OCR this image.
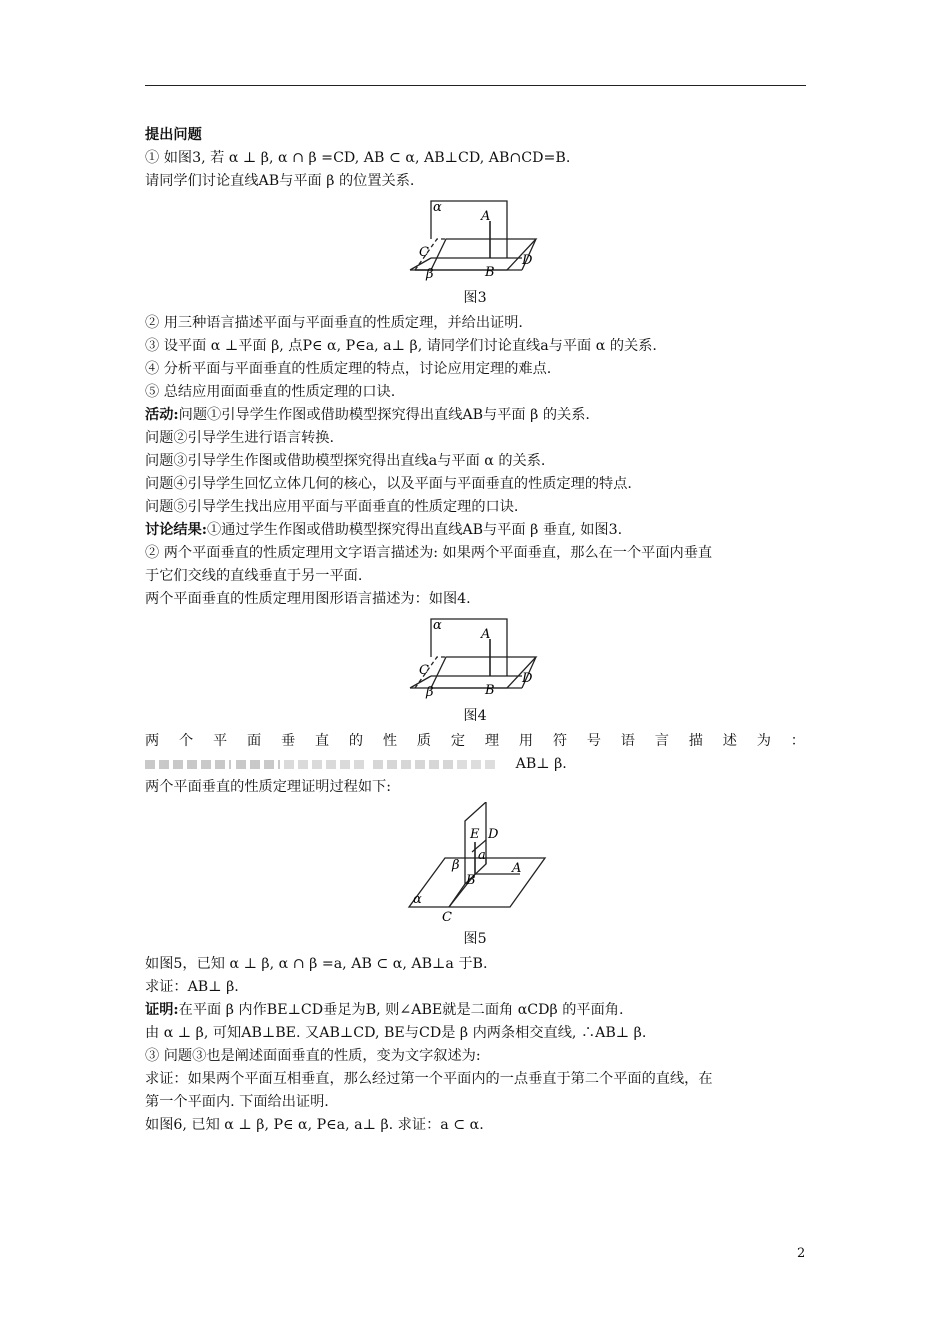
提出问题
① 如图3, 若 α ⊥ β, α ∩ β =CD, AB ⊂ α, AB⊥CD, AB∩CD=B.
请同学们讨论直线AB与平面 β 的位置关系.
α
A
C
β	B
D
图3
② 用三种语言描述平面与平面垂直的性质定理，并给出证明.
③ 设平面 α ⊥平面 β, 点P∈ α, P∈a, a⊥ β, 请同学们讨论直线a与平面 α 的关系.
④ 分析平面与平面垂直的性质定理的特点，讨论应用定理的难点.
⑤ 总结应用面面垂直的性质定理的口诀.
活动:问题①引导学生作图或借助模型探究得出直线AB与平面 β 的关系.
问题②引导学生进行语言转换.
问题③引导学生作图或借助模型探究得出直线a与平面 α 的关系.
问题④引导学生回忆立体几何的核心，以及平面与平面垂直的性质定理的特点.
问题⑤引导学生找出应用平面与平面垂直的性质定理的口诀.
讨论结果:①通过学生作图或借助模型探究得出直线AB与平面 β 垂直, 如图3.
② 两个平面垂直的性质定理用文字语言描述为: 如果两个平面垂直，那么在一个平面内垂直
于它们交线的直线垂直于另一平面.
两个平面垂直的性质定理用图形语言描述为：如图4.
α
A
C
β	B
D
图4
两 个 平 面 垂 直 的 性 质 定 理 用 符 号 语 言 描 述 为 ：
AB⊥ β.
两个平面垂直的性质定理证明过程如下:
E D
a
β
B
A
α
C
图5
如图5，已知 α ⊥ β, α ∩ β =a, AB ⊂ α, AB⊥a 于B.
求证：AB⊥ β.
证明:在平面 β 内作BE⊥CD垂足为B, 则∠ABE就是二面角 αCDβ 的平面角.
由 α ⊥ β, 可知AB⊥BE. 又AB⊥CD, BE与CD是 β 内两条相交直线, ∴AB⊥ β.
③ 问题③也是阐述面面垂直的性质，变为文字叙述为:
求证：如果两个平面互相垂直，那么经过第一个平面内的一点垂直于第二个平面的直线，在
第一个平面内. 下面给出证明.
如图6, 已知 α ⊥ β, P∈ α, P∈a, a⊥ β. 求证：a ⊂ α.
2
